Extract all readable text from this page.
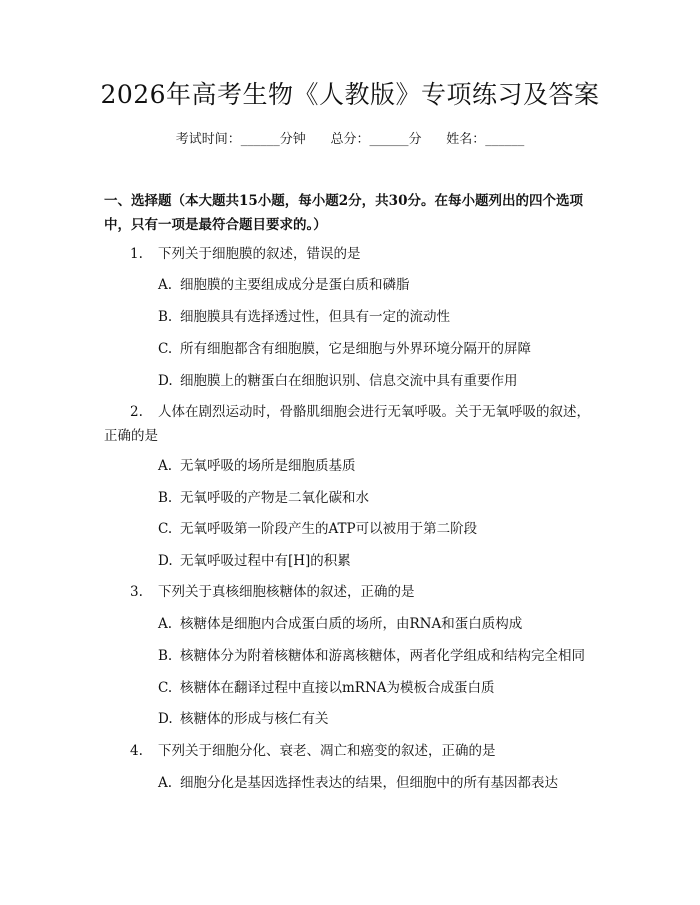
2026年高考生物《人教版》专项练习及答案
考试时间：______分钟      总分：______分      姓名：______
一、选择题（本大题共15小题，每小题2分，共30分。在每小题列出的四个选项中，只有一项是最符合题目要求的。）
1. 下列关于细胞膜的叙述，错误的是
A. 细胞膜的主要组成成分是蛋白质和磷脂
B. 细胞膜具有选择透过性，但具有一定的流动性
C. 所有细胞都含有细胞膜，它是细胞与外界环境分隔开的屏障
D. 细胞膜上的糖蛋白在细胞识别、信息交流中具有重要作用
2. 人体在剧烈运动时，骨骼肌细胞会进行无氧呼吸。关于无氧呼吸的叙述，正确的是
A. 无氧呼吸的场所是细胞质基质
B. 无氧呼吸的产物是二氧化碳和水
C. 无氧呼吸第一阶段产生的ATP可以被用于第二阶段
D. 无氧呼吸过程中有[H]的积累
3. 下列关于真核细胞核糖体的叙述，正确的是
A. 核糖体是细胞内合成蛋白质的场所，由RNA和蛋白质构成
B. 核糖体分为附着核糖体和游离核糖体，两者化学组成和结构完全相同
C. 核糖体在翻译过程中直接以mRNA为模板合成蛋白质
D. 核糖体的形成与核仁有关
4. 下列关于细胞分化、衰老、凋亡和癌变的叙述，正确的是
A. 细胞分化是基因选择性表达的结果，但细胞中的所有基因都表达
